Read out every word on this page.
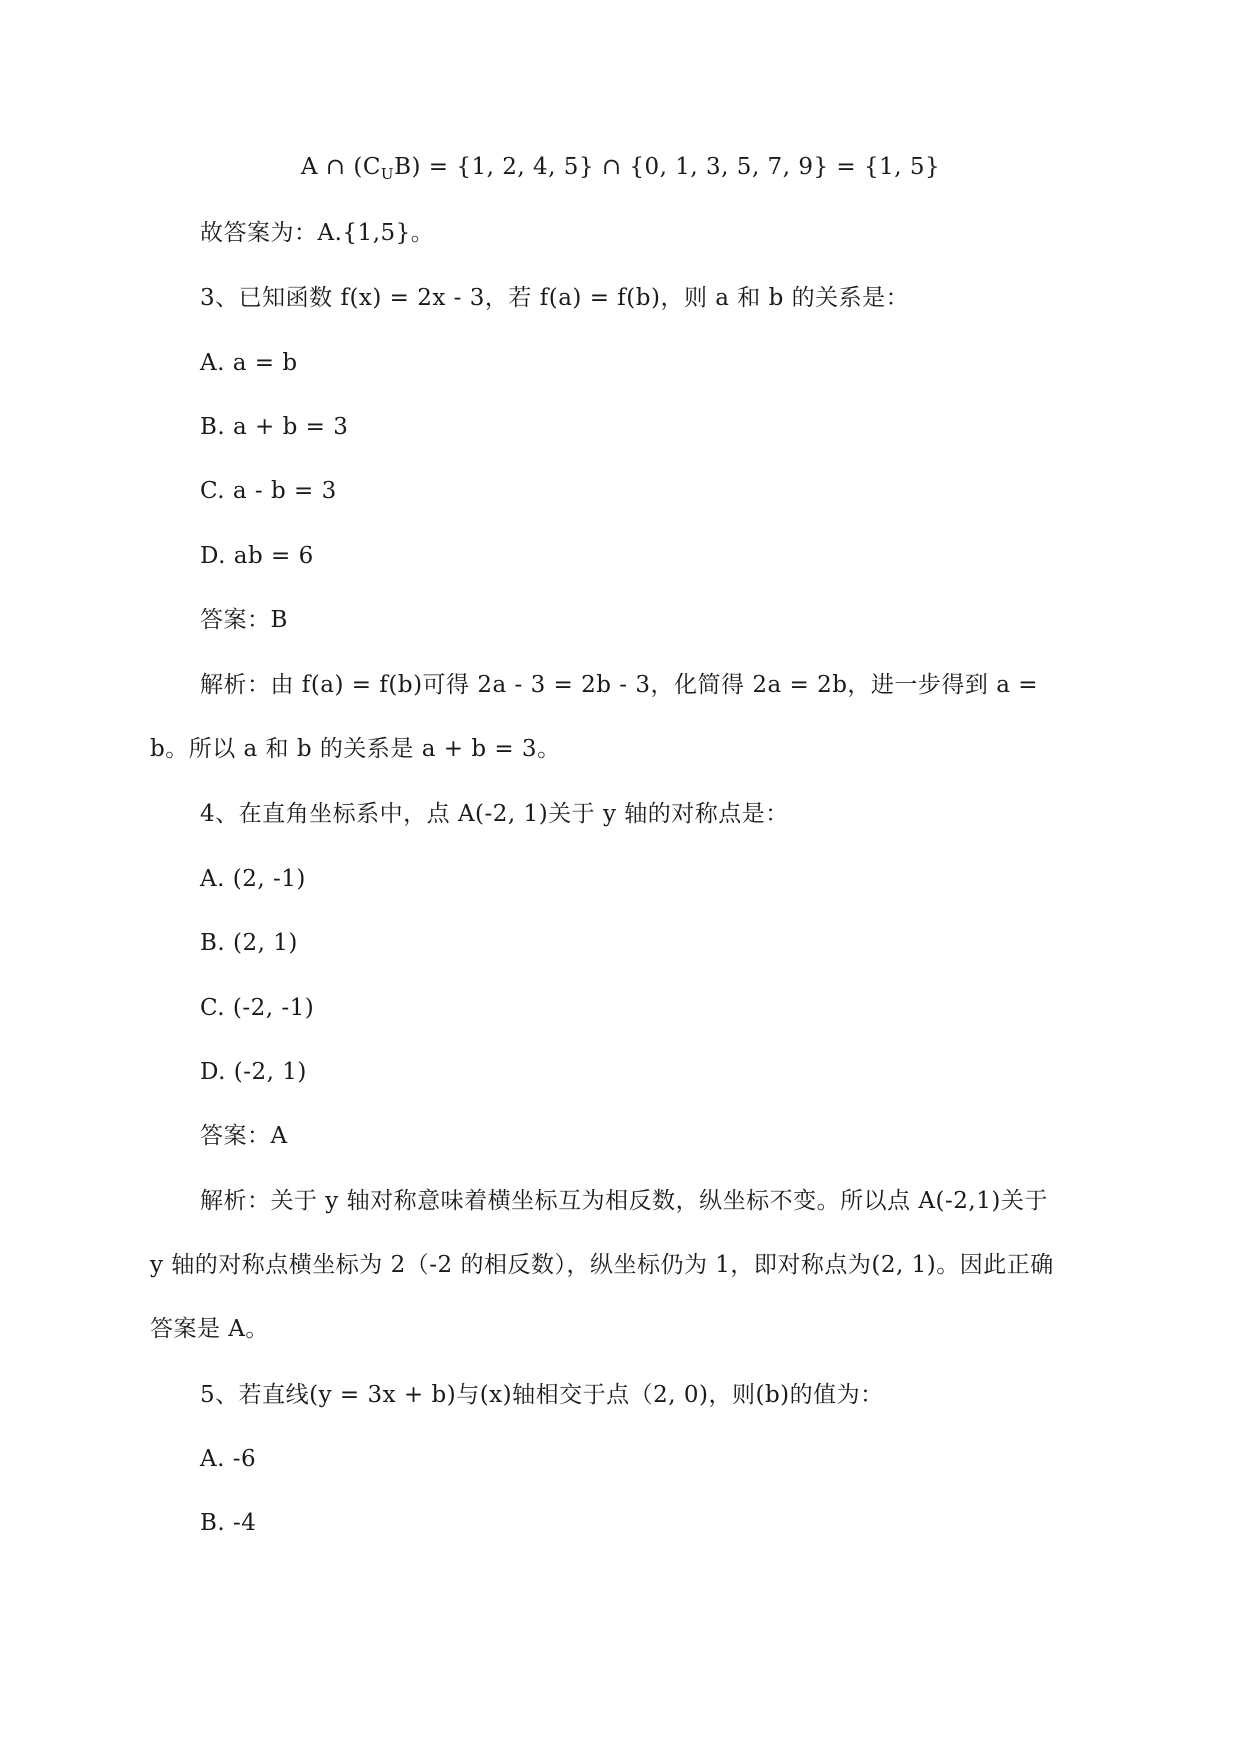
A ∩ $(C_UB) = \{1$, 2, 4, 5} ∩ {0, 1, 3, 5, 7, 9} = {1, 5}
故答案为：A.{1,5}。
3、已知函数 f(x) = 2x - 3，若 f(a) = f(b)，则 a 和 b 的关系是：
A. a = b
B. a + b = 3
C. a - b = 3
D. ab = 6
答案：B
解析：由 f(a) = f(b)可得 2a - 3 = 2b - 3，化简得 2a = 2b，进一步得到 a =
b。所以 a 和 b 的关系是 a + b = 3。
4、在直角坐标系中，点 A(-2, 1)关于 y 轴的对称点是：
A. (2, -1)
B. (2, 1)
C. (-2, -1)
D. (-2, 1)
答案：A
解析：关于 y 轴对称意味着横坐标互为相反数，纵坐标不变。所以点 A(-2,1)关于
y 轴的对称点横坐标为 2（-2 的相反数），纵坐标仍为 1，即对称点为(2, 1)。因此正确
答案是 A。
5、若直线(y = 3x + b)与(x)轴相交于点（2, 0)，则(b)的值为：
A. -6
B. -4
